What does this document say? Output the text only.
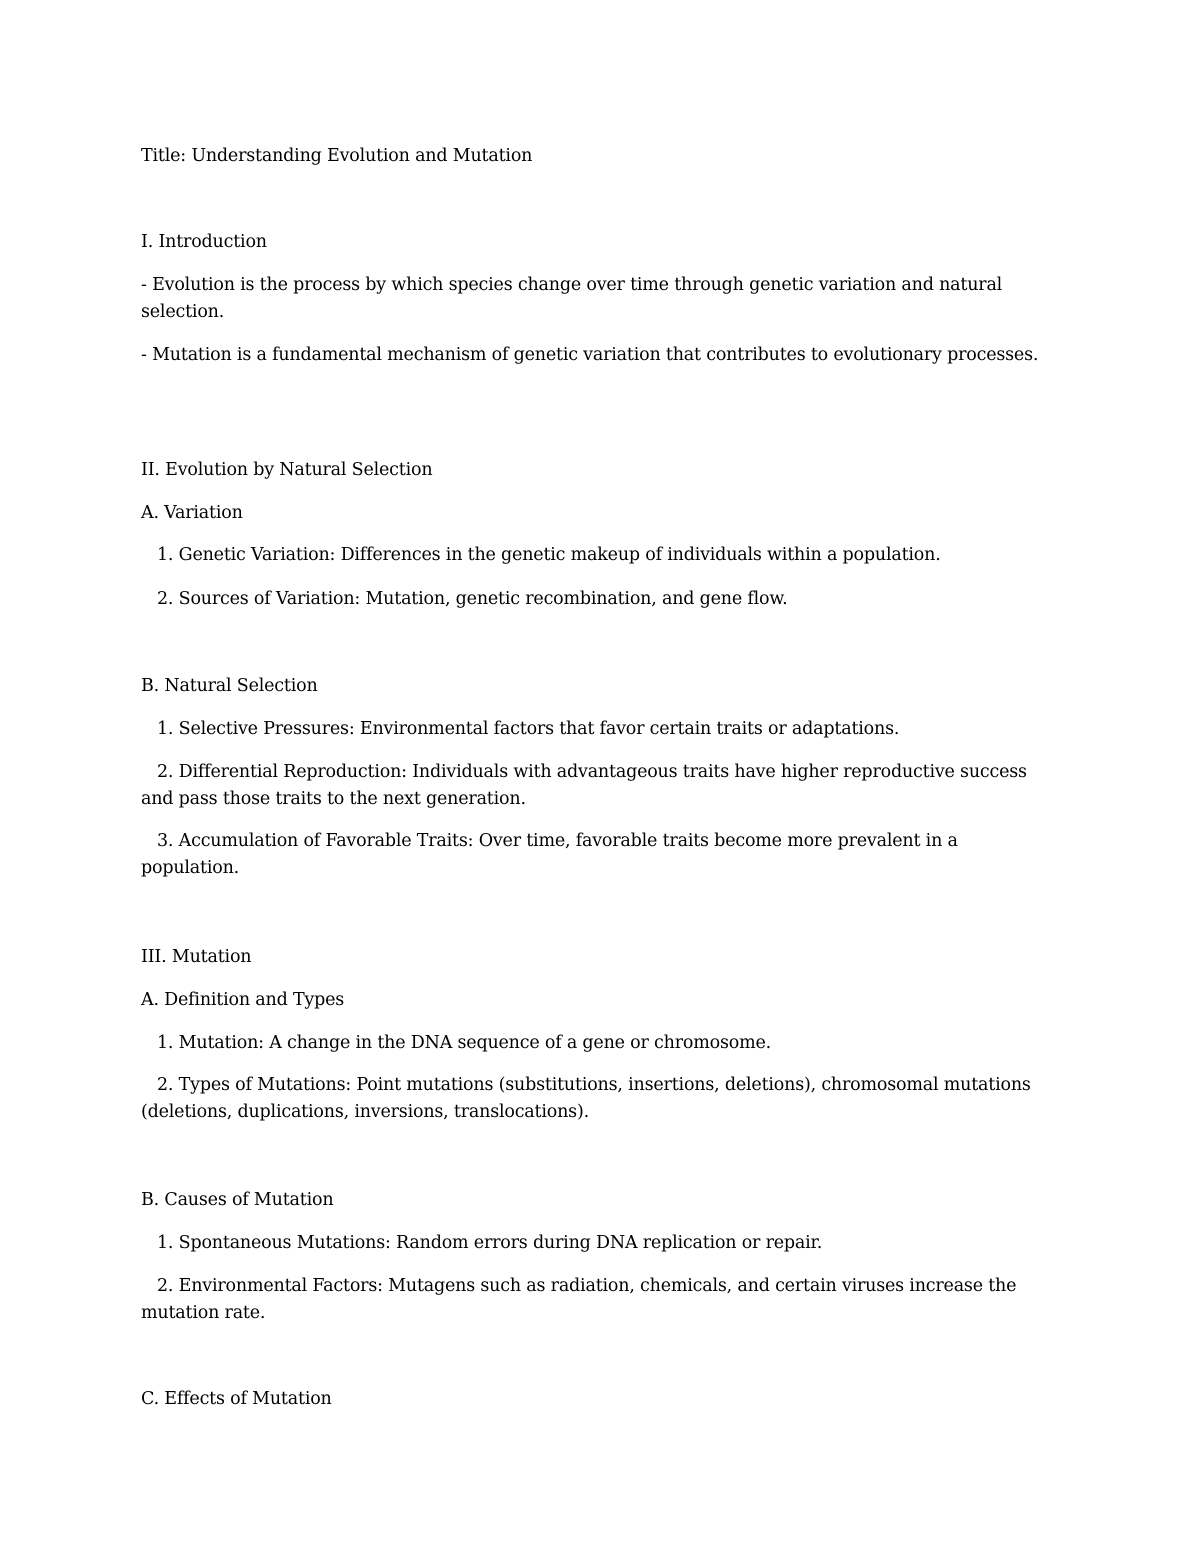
Title: Understanding Evolution and Mutation
I. Introduction
- Evolution is the process by which species change over time through genetic variation and natural selection.
- Mutation is a fundamental mechanism of genetic variation that contributes to evolutionary processes.
II. Evolution by Natural Selection
A. Variation
1. Genetic Variation: Differences in the genetic makeup of individuals within a population.
2. Sources of Variation: Mutation, genetic recombination, and gene flow.
B. Natural Selection
1. Selective Pressures: Environmental factors that favor certain traits or adaptations.
2. Differential Reproduction: Individuals with advantageous traits have higher reproductive success and pass those traits to the next generation.
3. Accumulation of Favorable Traits: Over time, favorable traits become more prevalent in a population.
III. Mutation
A. Definition and Types
1. Mutation: A change in the DNA sequence of a gene or chromosome.
2. Types of Mutations: Point mutations (substitutions, insertions, deletions), chromosomal mutations (deletions, duplications, inversions, translocations).
B. Causes of Mutation
1. Spontaneous Mutations: Random errors during DNA replication or repair.
2. Environmental Factors: Mutagens such as radiation, chemicals, and certain viruses increase the mutation rate.
C. Effects of Mutation
